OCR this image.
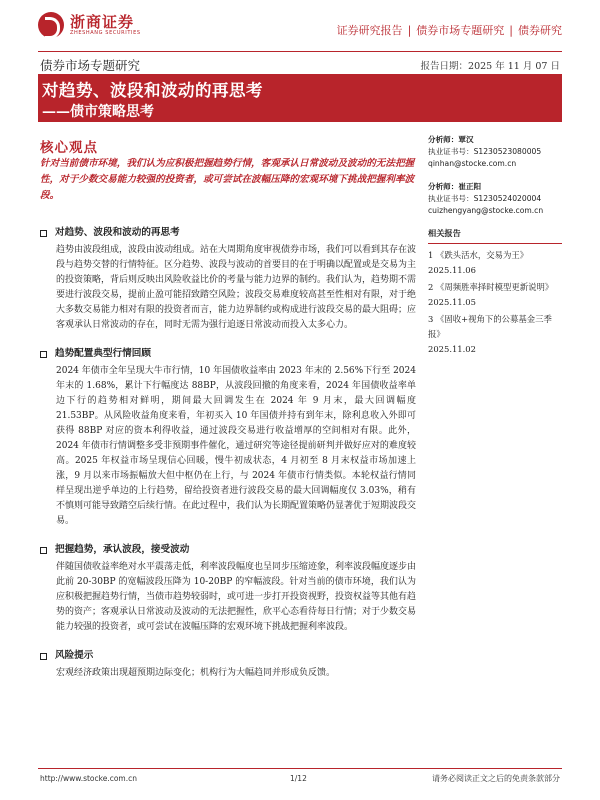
浙商证券
ZHESHANG SECURITIES	证券研究报告 | 债券市场专题研究 | 债券研究
债券市场专题研究	报告日期：2025 年 11 月 07 日
对趋势、波段和波动的再思考
——债市策略思考
核心观点
针对当前债市环境，我们认为应积极把握趋势行情，客观承认日常波动及波动的无法把握性，对于少数交易能力较强的投资者，或可尝试在波幅压降的宏观环境下挑战把握利率波段。
对趋势、波段和波动的再思考
趋势由波段组成，波段由波动组成。站在大周期角度审视债券市场，我们可以看到其存在波段与趋势交替的行情特征。区分趋势、波段与波动的首要目的在于明确以配置或是交易为主的投资策略，背后则反映出风险收益比价的考量与能力边界的制约。我们认为，趋势期不需要进行波段交易，提前止盈可能招致踏空风险；波段交易难度较高甚至性相对有限，对于绝大多数交易能力相对有限的投资者而言，能力边界制约或构成进行波段交易的最大阻碍；应客观承认日常波动的存在，同时无需为强行追逐日常波动而投入太多心力。
趋势配置典型行情回顾
2024 年债市全年呈现大牛市行情，10 年国债收益率由 2023 年末的 2.56%下行至 2024 年末的 1.68%，累计下行幅度达 88BP，从波段回撤的角度来看，2024 年国债收益率单边下行的趋势相对鲜明，期间最大回调发生在 2024 年 9 月末，最大回调幅度 21.53BP。从风险收益角度来看，年初买入 10 年国债并持有到年末，除利息收入外即可获得 88BP 对应的资本利得收益，通过波段交易进行收益增厚的空间相对有限。此外，2024 年债市行情调整多受非预期事件催化，通过研究等途径提前研判并做好应对的难度较高。2025 年权益市场呈现信心回暖，慢牛初成状态，4 月初至 8 月末权益市场加速上涨，9 月以来市场振幅放大但中枢仍在上行，与 2024 年债市行情类似。本轮权益行情同样呈现出逆乎单边的上行趋势，留给投资者进行波段交易的最大回调幅度仅 3.03%，稍有不慎则可能导致踏空后续行情。在此过程中，我们认为长期配置策略仍显著优于短期波段交易。
把握趋势，承认波段，接受波动
伴随国债收益率绝对水平震荡走低，利率波段幅度也呈同步压缩迹象，利率波段幅度逐步由此前 20-30BP 的宽幅波段压降为 10-20BP 的窄幅波段。针对当前的债市环境，我们认为应积极把握趋势行情，当债市趋势较弱时，或可进一步打开投资视野，投资权益等其他有趋势的资产；客观承认日常波动及波动的无法把握性，欣平心态看待每日行情；对于少数交易能力较强的投资者，或可尝试在波幅压降的宏观环境下挑战把握利率波段。
风险提示
宏观经济政策出现超预期边际变化；机构行为大幅趋同并形成负反馈。
分析师：覃汉
执业证书号：S1230523080005
qinhan@stocke.com.cn
分析师：崔正阳
执业证书号：S1230524020004
cuizhengyang@stocke.com.cn
相关报告
1 《跌头活水，交易为王》
2025.11.06
2 《周频胜率择时模型更新说明》
2025.11.05
3 《固收+视角下的公募基金三季报》
2025.11.02
http://www.stocke.com.cn	1/12	请务必阅读正文之后的免责条款部分
